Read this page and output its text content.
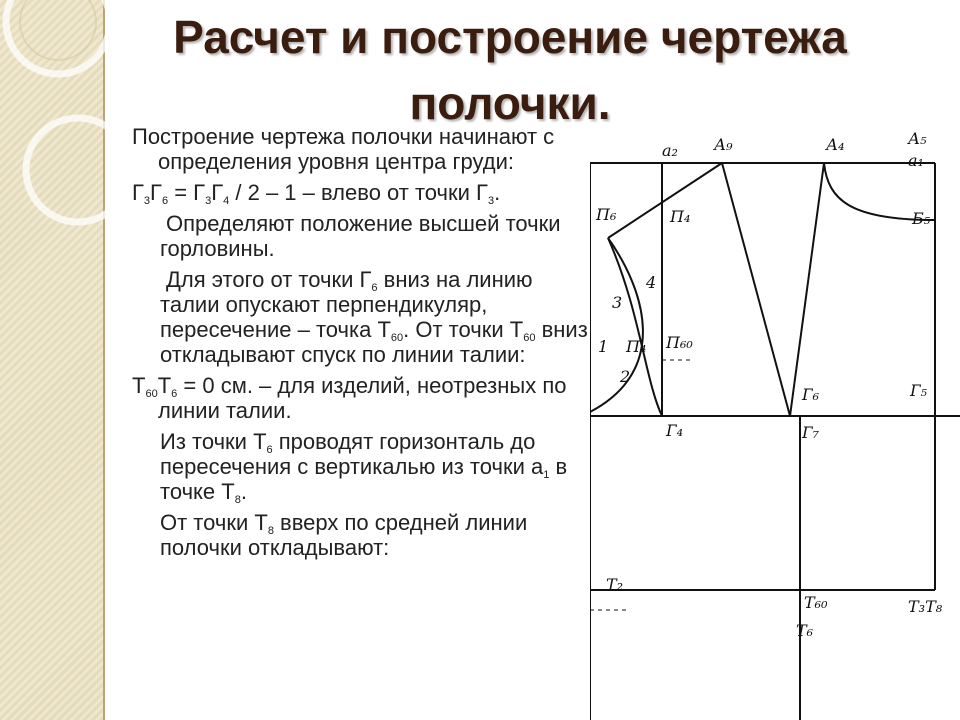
Расчет и построение чертежа полочки.
Построение чертежа полочки начинают с определения уровня центра груди:
$Г_3Г_6 = Г_3Г_4 / 2 - 1$ – влево от точки $Г_3$.
Определяют положение высшей точки горловины.
Для этого от точки $Г_6$ вниз на линию талии опускают перпендикуляр, пересечение – точка $Т_{60}$. От точки $Т_{60}$ вниз откладывают спуск по линии талии:
$Т_{60}Т_6 = 0$ см. – для изделий, неотрезных по линии талии.
Из точки $Т_6$ проводят горизонталь до пересечения с вертикалью из точки $а_1$ в точке $Т_8$.
От точки $Т_8$ вверх по средней линии полочки откладывают:
а₂ А₉	А₄	А₅
а₁
П₆	П₄	Б₅
П₄ П₆₀
1
2
3
4
Г₆	Г₅
Г₄	Г₇
Т₂
Т₆₀	Т₃Т₈
Т₆
